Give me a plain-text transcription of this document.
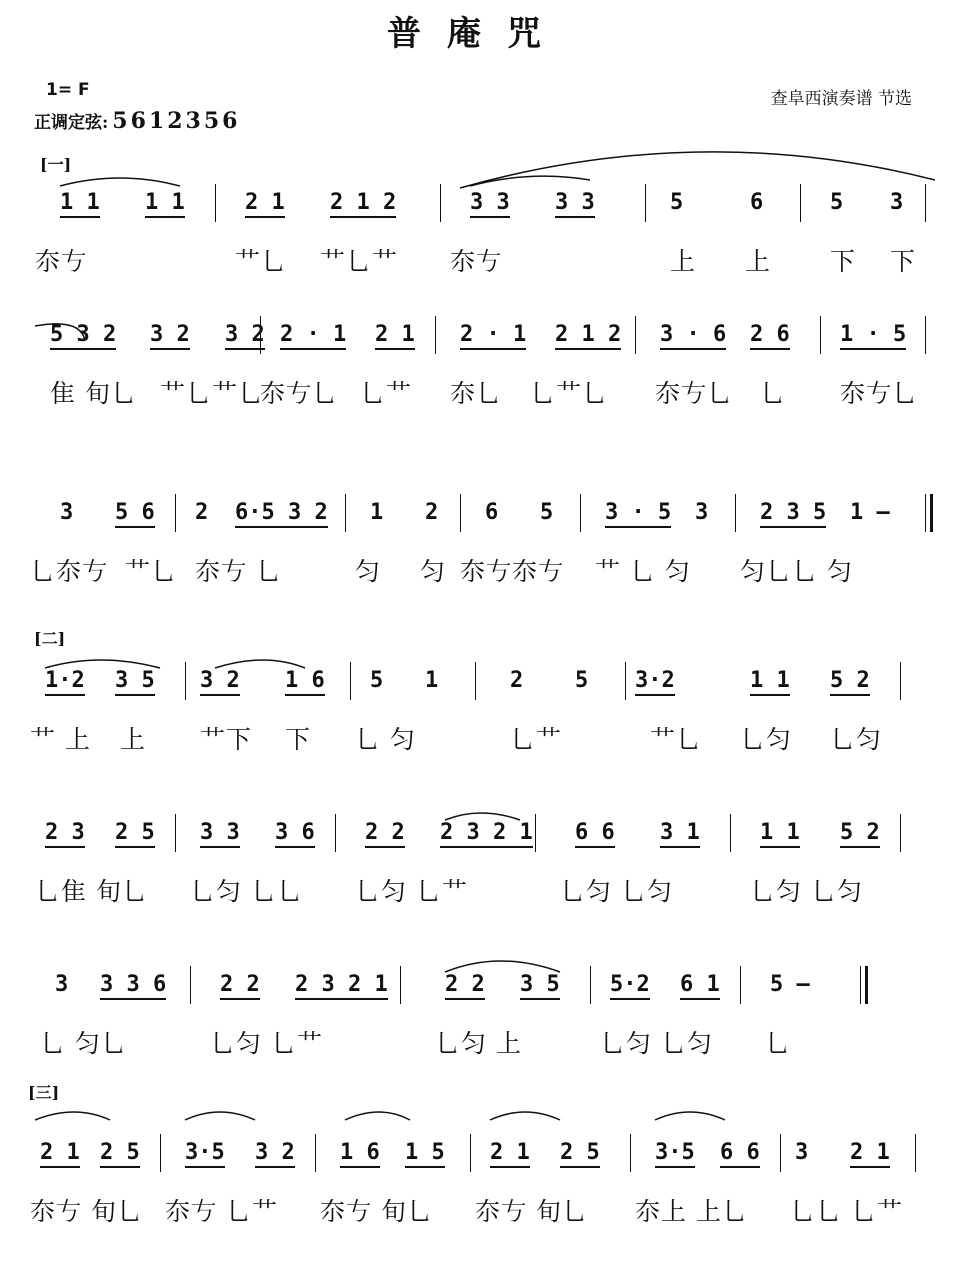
普庵咒
1= F
正调定弦: 5612356
查阜西演奏谱 节选
[一]
[二]
[三]
1 1 1 1	2 1 2 1 2	3 3 3 3	5	6	5 3
夵𠀁	艹乚 艹乚艹 夵𠀁	上 上 下 下
5 3 2 3 2 3 2 2 · 1 2 1 2 · 1 2 1 2 3 · 6 2 6 1 · 5
隹 旬乚 艹乚艹乚
夵𠀁乚 乚艹 夵乚 乚艹乚 夵𠀁乚 乚 夵𠀁乚
3 5 6 2 6·5 3 2 1 2 6 5 3 · 5 3 2 3 5 1 —
乚夵𠀁 艹乚 夵𠀁 乚	匀 匀 夵𠀁夵𠀁 艹 乚 匀 匀乚乚 匀
1·2 3 5 3 2 1 6 5 1	2 5 3·2	1 1 5 2
艹 上 上 艹下 下 乚 匀	乚艹	艹乚 乚匀 乚匀
2 3 2 5 3 3 3 6 2 2 2 3 2 1 6 6 3 1	1 1 5 2
乚隹 旬乚 乚匀 乚乚 乚匀 乚艹	乚匀 乚匀	乚匀 乚匀
3 3 3 6 2 2 2 3 2 1	2 2 3 5 5·2 6 1 5 —
乚 匀乚	乚匀 乚艹	乚匀 上	乚匀 乚匀 乚
2 1 2 5 3·5 3 2 1 6 1 5 2 1 2 5	3·5 6 6 3 2 1
夵𠀁 旬乚 夵𠀁 乚艹 夵𠀁 旬乚 夵𠀁 旬乚 夵上 上乚 乚乚 乚艹
